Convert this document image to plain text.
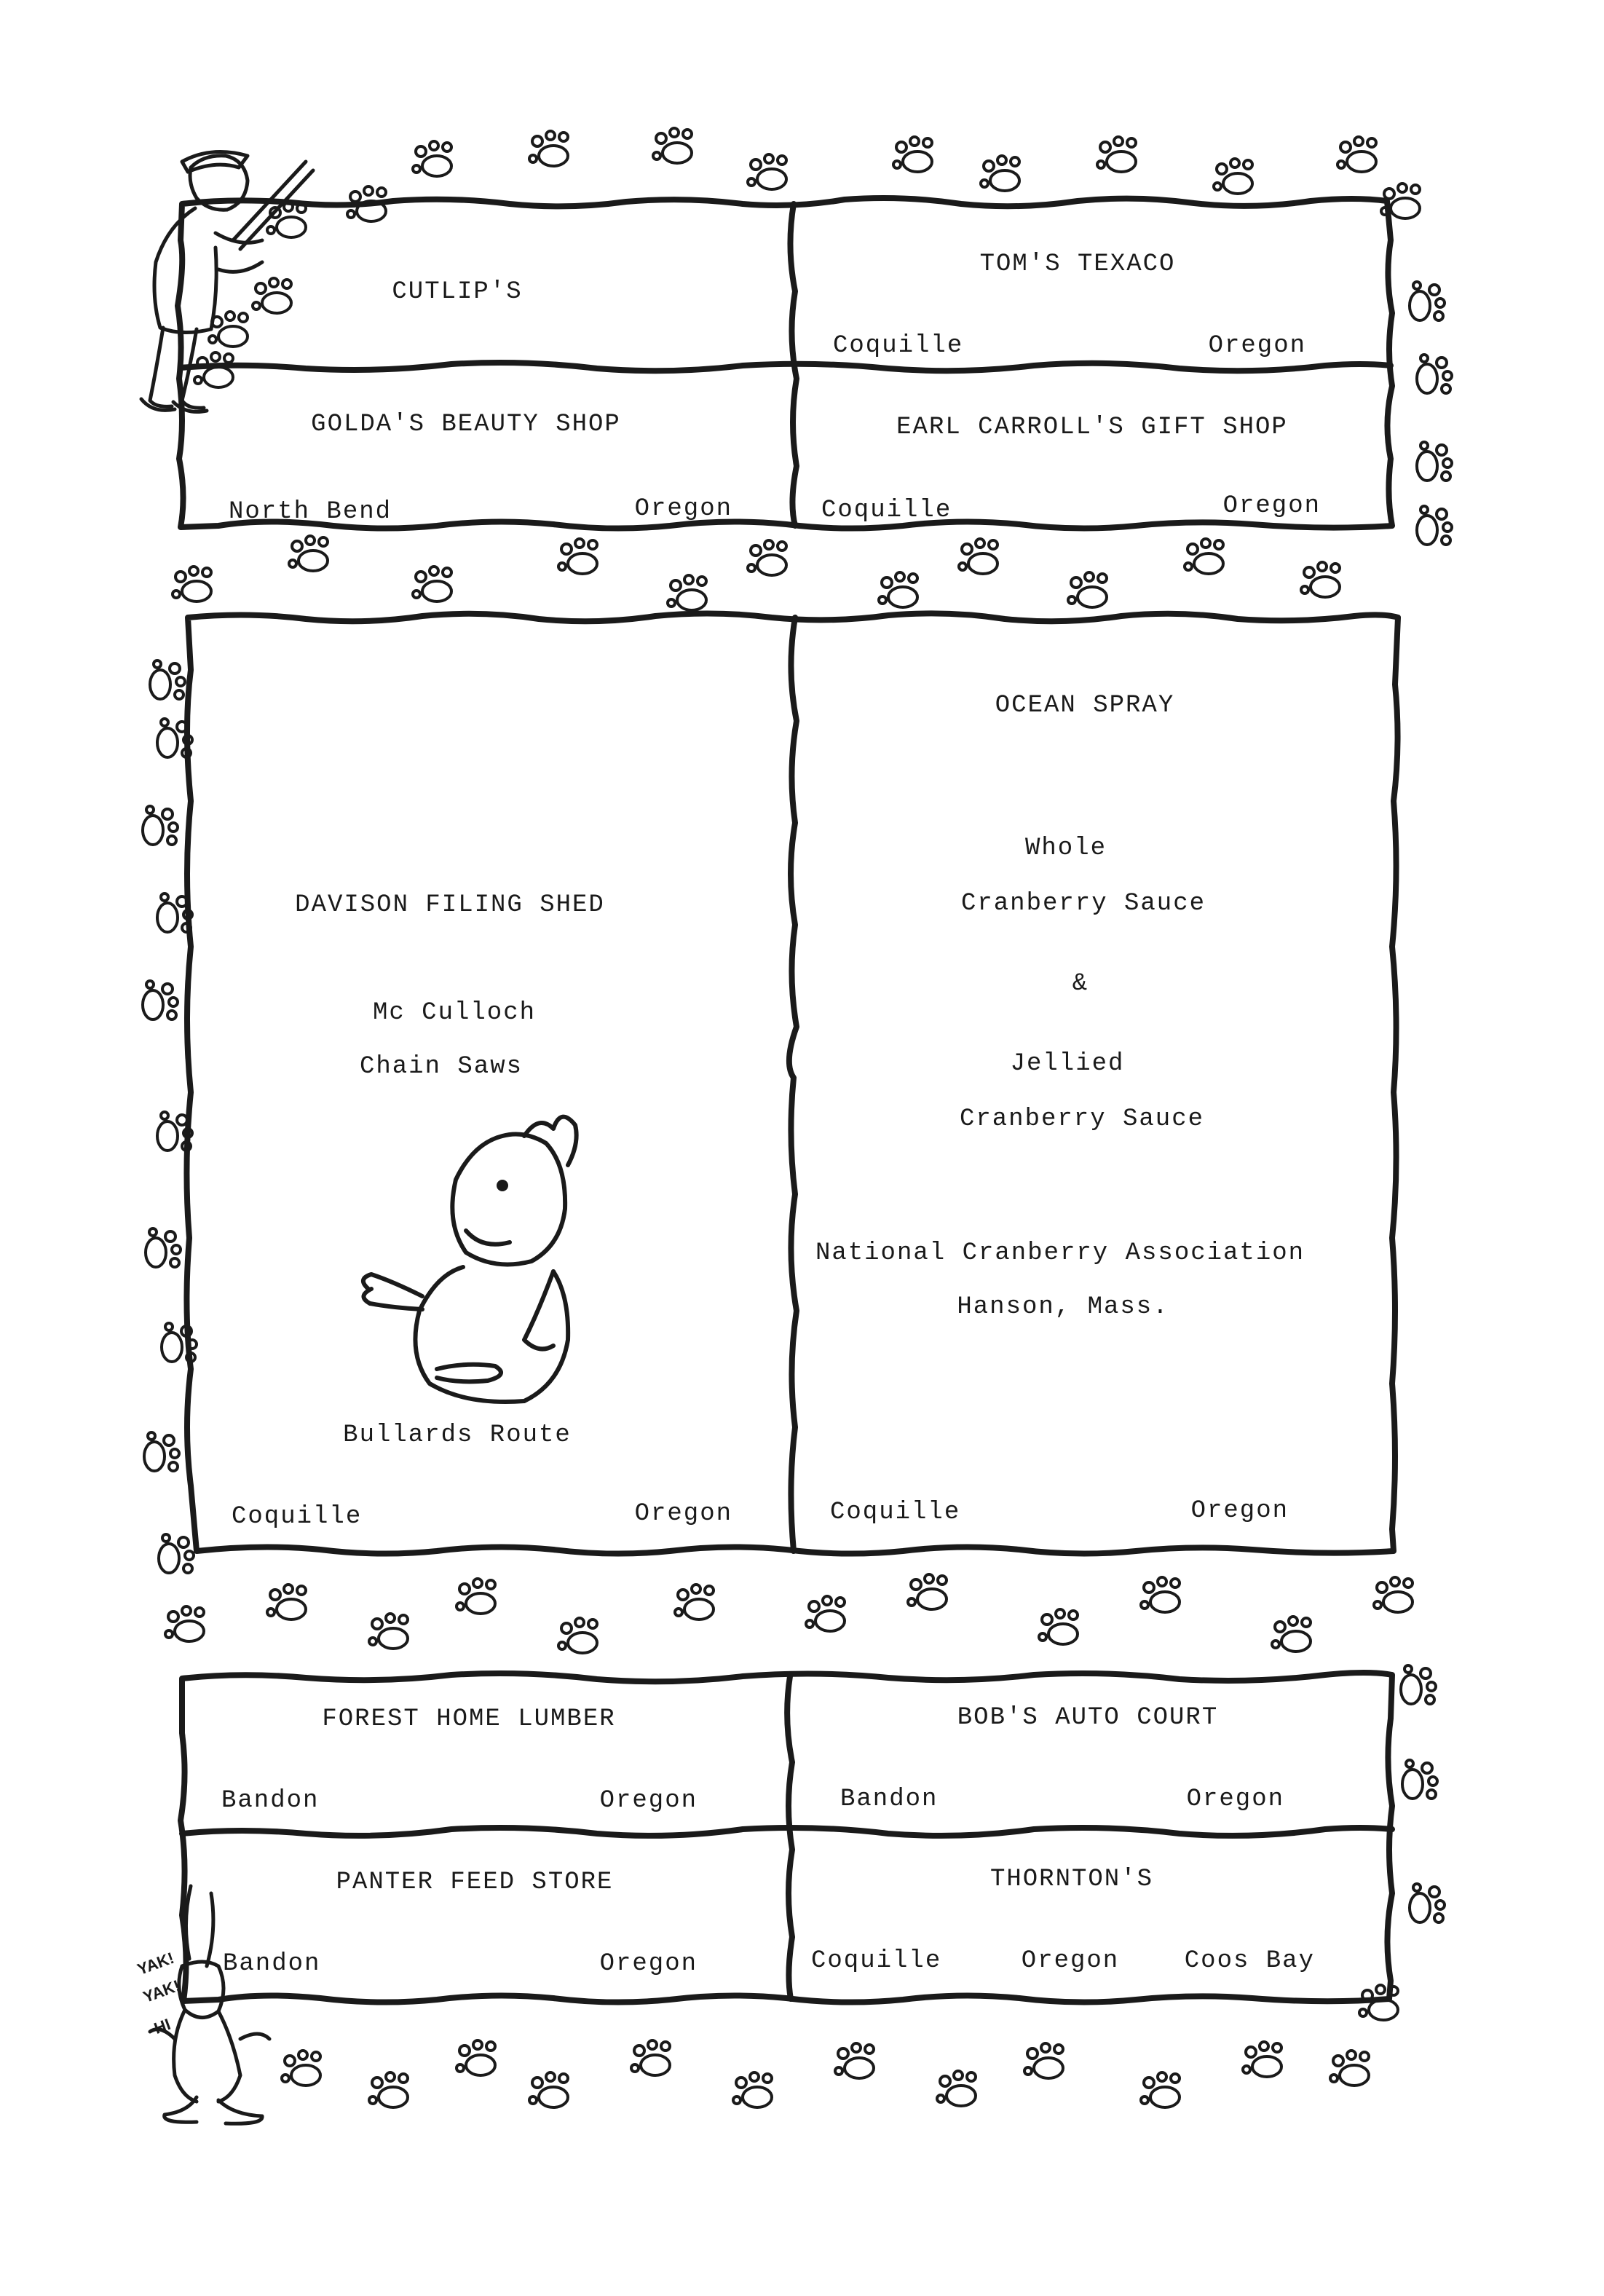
CUTLIP'S
TOM'S TEXACO
Coquille	Oregon
GOLDA'S BEAUTY SHOP
North Bend	Oregon
EARL CARROLL'S GIFT SHOP
Coquille	Oregon
DAVISON FILING SHED
Mc Culloch
Chain Saws
Bullards Route
Coquille	Oregon
OCEAN SPRAY
Whole
Cranberry Sauce
&
Jellied
Cranberry Sauce
National Cranberry Association
Hanson, Mass.
Coquille	Oregon
FOREST HOME LUMBER
Bandon	Oregon
BOB'S AUTO COURT
Bandon	Oregon
PANTER FEED STORE
Bandon	Oregon
THORNTON'S
Coquille	Oregon	Coos Bay
YAK!
YAK!
HI
